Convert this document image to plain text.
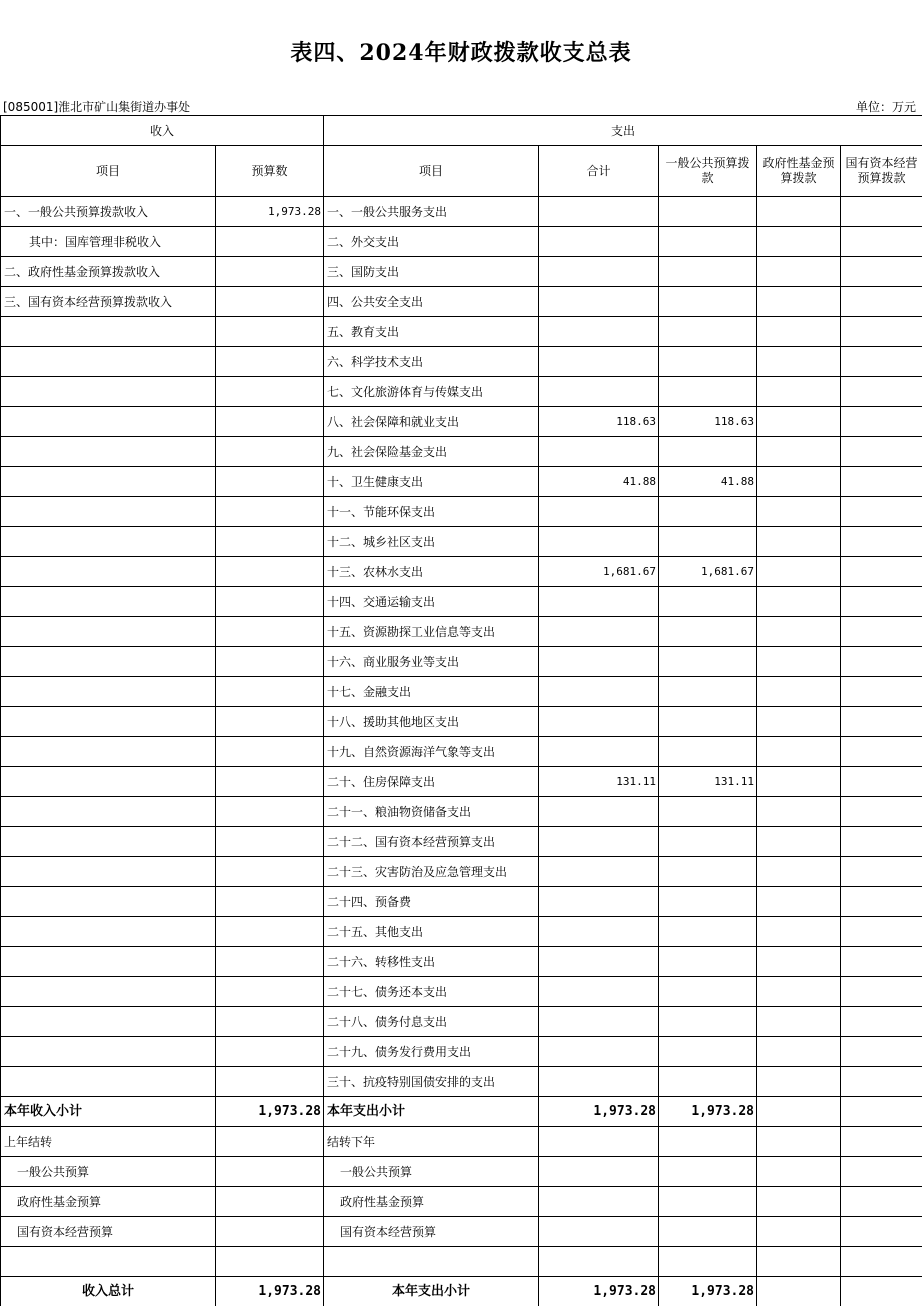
表四、2024年财政拨款收支总表
[085001]淮北市矿山集街道办事处	单位：万元
收入		支出				
项目	预算数	项目	合计	一般公共预算拨款	政府性基金预算拨款	国有资本经营预算拨款
一、一般公共预算拨款收入	1,973.28	一、一般公共服务支出				
其中：国库管理非税收入		二、外交支出				
二、政府性基金预算拨款收入		三、国防支出				
三、国有资本经营预算拨款收入		四、公共安全支出				
		五、教育支出				
		六、科学技术支出				
		七、文化旅游体育与传媒支出				
		八、社会保障和就业支出	118.63	118.63		
		九、社会保险基金支出				
		十、卫生健康支出	41.88	41.88		
		十一、节能环保支出				
		十二、城乡社区支出				
		十三、农林水支出	1,681.67	1,681.67		
		十四、交通运输支出				
		十五、资源勘探工业信息等支出				
		十六、商业服务业等支出				
		十七、金融支出				
		十八、援助其他地区支出				
		十九、自然资源海洋气象等支出				
		二十、住房保障支出	131.11	131.11		
		二十一、粮油物资储备支出				
		二十二、国有资本经营预算支出				
		二十三、灾害防治及应急管理支出				
		二十四、预备费				
		二十五、其他支出				
		二十六、转移性支出				
		二十七、债务还本支出				
		二十八、债务付息支出				
		二十九、债务发行费用支出				
		三十、抗疫特别国债安排的支出				
本年收入小计	1,973.28	本年支出小计	1,973.28	1,973.28		
上年结转		结转下年				
一般公共预算		一般公共预算				
政府性基金预算		政府性基金预算				
国有资本经营预算		国有资本经营预算				

收入总计	1,973.28	本年支出小计	1,973.28	1,973.28		
